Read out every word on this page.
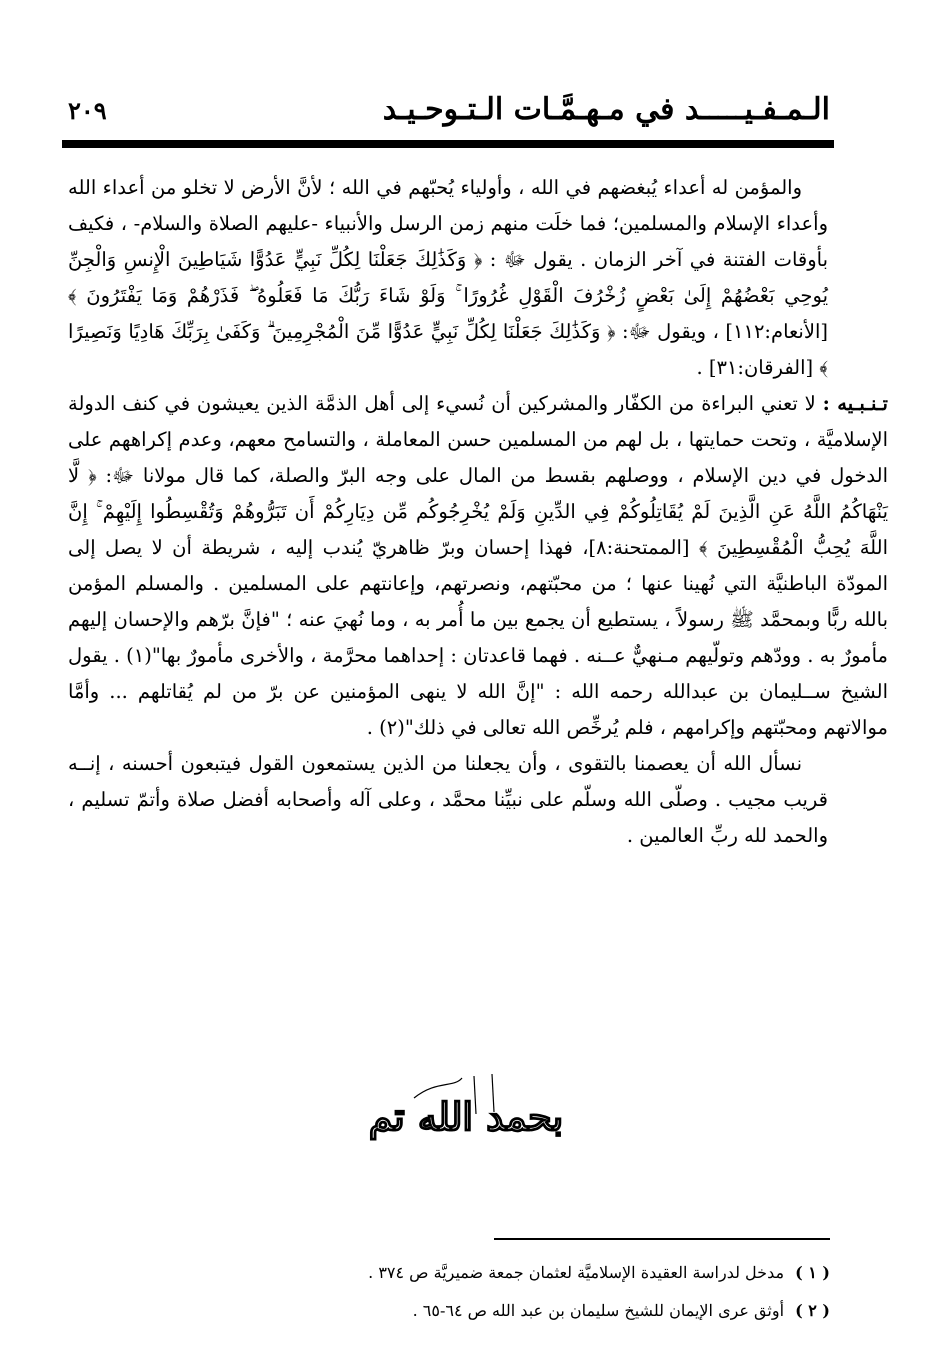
الـمـفـيـــــد في مـهـمَّـات الـتـوحـيـد
٢٠٩

والمؤمن له أعداء يُبغضهم في الله ، وأولياء يُحبّهم في الله ؛ لأنَّ الأرض لا تخلو من أعداء الله وأعداء الإسلام والمسلمين؛ فما خلَت منهم زمن الرسل والأنبياء -عليهم الصلاة والسلام- ، فكيف بأوقات الفتنة في آخر الزمان . يقول ﷻ : ﴿ وَكَذَٰلِكَ جَعَلْنَا لِكُلِّ نَبِيٍّ عَدُوًّا شَيَاطِينَ الْإِنسِ وَالْجِنِّ يُوحِي بَعْضُهُمْ إِلَىٰ بَعْضٍ زُخْرُفَ الْقَوْلِ غُرُورًا ۚ وَلَوْ شَاءَ رَبُّكَ مَا فَعَلُوهُ ۖ فَذَرْهُمْ وَمَا يَفْتَرُونَ ﴾ [الأنعام:١١٢] ، ويقول ﷻ: ﴿ وَكَذَٰلِكَ جَعَلْنَا لِكُلِّ نَبِيٍّ عَدُوًّا مِّنَ الْمُجْرِمِينَ ۗ وَكَفَىٰ بِرَبِّكَ هَادِيًا وَنَصِيرًا ﴾ [الفرقان:٣١] .

تـنـبـيه : لا تعني البراءة من الكفّار والمشركين أن نُسيء إلى أهل الذمَّة الذين يعيشون في كنف الدولة الإسلاميَّة ، وتحت حمايتها ، بل لهم من المسلمين حسن المعاملة ، والتسامح معهم، وعدم إكراههم على الدخول في دين الإسلام ، ووصلهم بقسط من المال على وجه البرّ والصلة، كما قال مولانا ﷻ: ﴿ لَّا يَنْهَاكُمُ اللَّهُ عَنِ الَّذِينَ لَمْ يُقَاتِلُوكُمْ فِي الدِّينِ وَلَمْ يُخْرِجُوكُم مِّن دِيَارِكُمْ أَن تَبَرُّوهُمْ وَتُقْسِطُوا إِلَيْهِمْ ۚ إِنَّ اللَّهَ يُحِبُّ الْمُقْسِطِينَ ﴾ [الممتحنة:٨]، فهذا إحسان وبرّ ظاهريّ يُندب إليه ، شريطة أن لا يصل إلى المودّة الباطنيَّة التي نُهينا عنها ؛ من محبّتهم، ونصرتهم، وإعانتهم على المسلمين . والمسلم المؤمن بالله ربًّا وبمحمَّد ﷺ رسولاً ، يستطيع أن يجمع بين ما أُمر به ، وما نُهيَ عنه ؛ "فإنَّ برّهم والإحسان إليهم مأمورٌ به . وودّهم وتولّيهم مـنهيٌّ عــنه . فهما قاعدتان : إحداهما محرَّمة ، والأخرى مأمورٌ بها"(١) . يقول الشيخ ســليمان بن عبدالله رحمه الله : "إنَّ الله لا ينهى المؤمنين عن برّ من لم يُقاتلهم ... وأمَّا موالاتهم ومحبّتهم وإكرامهم ، فلم يُرخِّص الله تعالى في ذلك"(٢) .

نسأل الله أن يعصمنا بالتقوى ، وأن يجعلنا من الذين يستمعون القول فيتبعون أحسنه ، إنــه قريب مجيب . وصلّى الله وسلّم على نبيِّنا محمَّد ، وعلى آله وأصحابه أفضل صلاة وأتمّ تسليم ، والحمد لله ربِّ العالمين .

بحمد الله تم
( ١ ) مدخل لدراسة العقيدة الإسلاميَّة لعثمان جمعة ضميريَّة ص ٣٧٤ .
( ٢ ) أوثق عرى الإيمان للشيخ سليمان بن عبد الله ص ٦٤-٦٥ .
